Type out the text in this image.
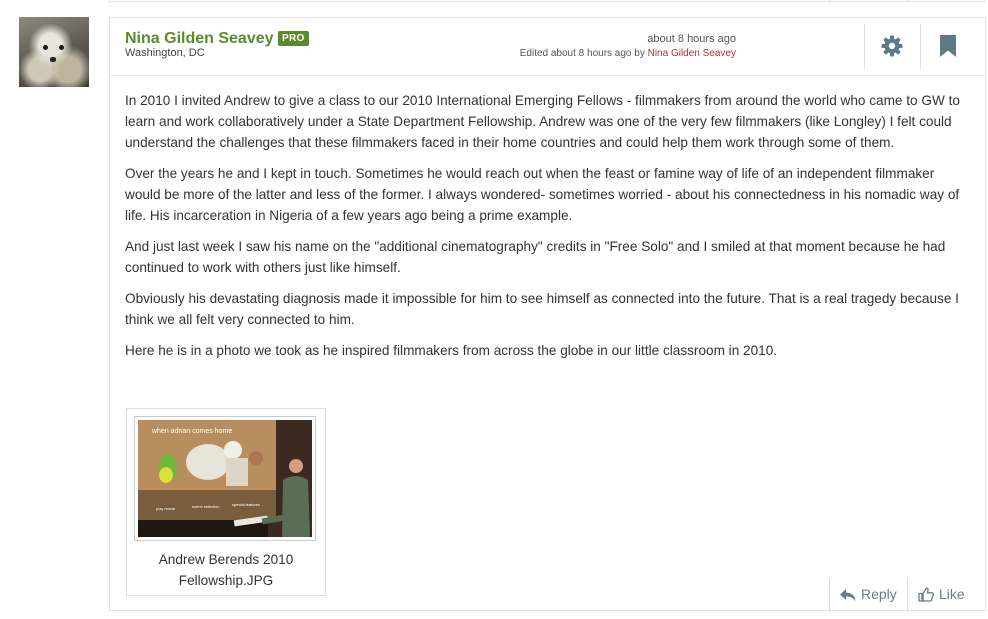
Nina Gilden Seavey PRO
Washington, DC
about 8 hours ago
Edited about 8 hours ago by Nina Gilden Seavey

In 2010 I invited Andrew to give a class to our 2010 International Emerging Fellows - filmmakers from around the world who came to GW to learn and work collaboratively under a State Department Fellowship. Andrew was one of the very few filmmakers (like Longley) I felt could understand the challenges that these filmmakers faced in their home countries and could help them work through some of them.

Over the years he and I kept in touch. Sometimes he would reach out when the feast or famine way of life of an independent filmmaker would be more of the latter and less of the former. I always wondered- sometimes worried - about his connectedness in his nomadic way of life. His incarceration in Nigeria of a few years ago being a prime example.

And just last week I saw his name on the "additional cinematography" credits in "Free Solo" and I smiled at that moment because he had continued to work with others just like himself.

Obviously his devastating diagnosis made it impossible for him to see himself as connected into the future. That is a real tragedy because I think we all felt very connected to him.

Here he is in a photo we took as he inspired filmmakers from across the globe in our little classroom in 2010.

when adnan comes home
play movie	scene selection	special features
Andrew Berends 2010
Fellowship.JPG
Reply	Like
